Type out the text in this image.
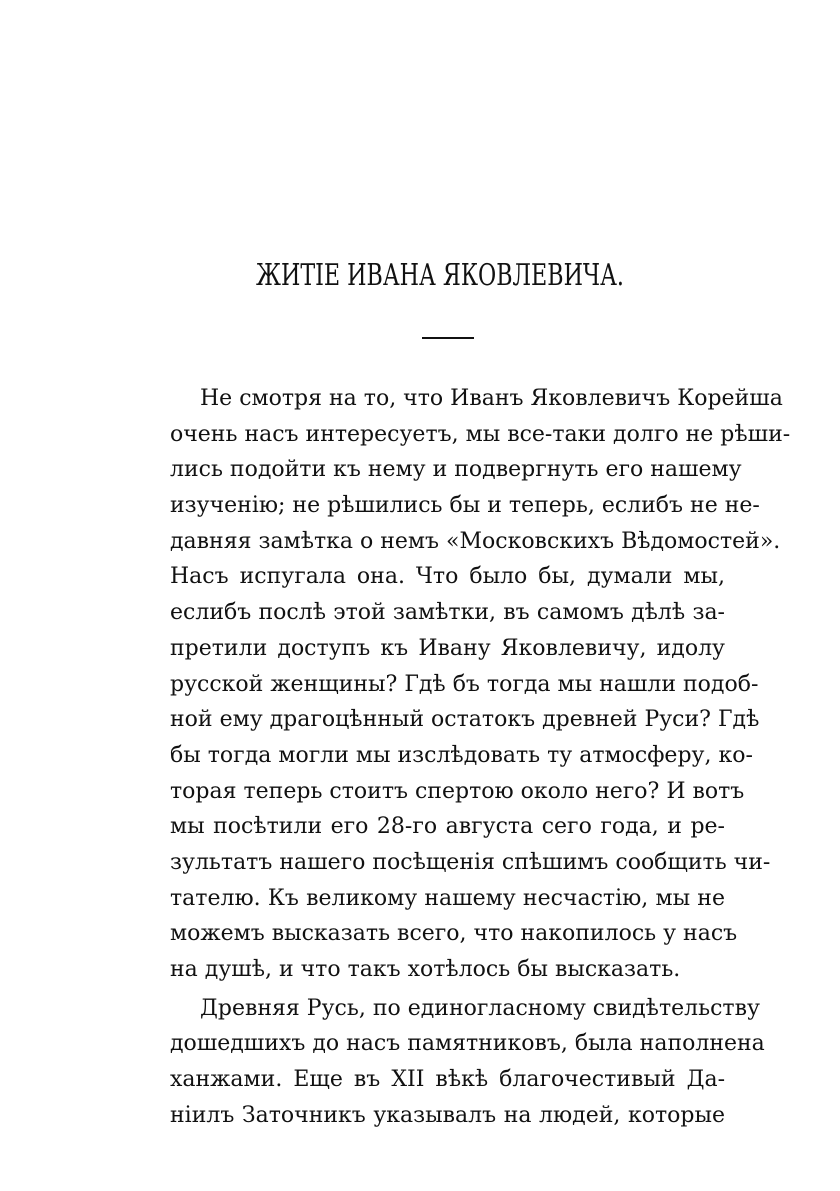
ЖИТІЕ ИВАНА ЯКОВЛЕВИЧА.
Не смотря на то, что Иванъ Яковлевичъ Корейша
очень насъ интересуетъ, мы все-таки долго не рѣши-
лись подойти къ нему и подвергнуть его нашему
изученію; не рѣшились бы и теперь, еслибъ не не-
давняя замѣтка о немъ «Московскихъ Вѣдомостей».
Насъ испугала она. Что было бы, думали мы,
еслибъ послѣ этой замѣтки, въ самомъ дѣлѣ за-
претили доступъ къ Ивану Яковлевичу, идолу
русской женщины? Гдѣ бъ тогда мы нашли подоб-
ной ему драгоцѣнный остатокъ древней Руси? Гдѣ
бы тогда могли мы изслѣдовать ту атмосферу, ко-
торая теперь стоитъ спертою около него? И вотъ
мы посѣтили его 28-го августа сего года, и ре-
зультатъ нашего посѣщенія спѣшимъ сообщить чи-
тателю. Къ великому нашему несчастію, мы не
можемъ высказать всего, что накопилось у насъ
на душѣ, и что такъ хотѣлось бы высказать.
Древняя Русь, по единогласному свидѣтельству
дошедшихъ до насъ памятниковъ, была наполнена
ханжами. Еще въ XII вѣкѣ благочестивый Да-
ніилъ Заточникъ указывалъ на людей, которые
